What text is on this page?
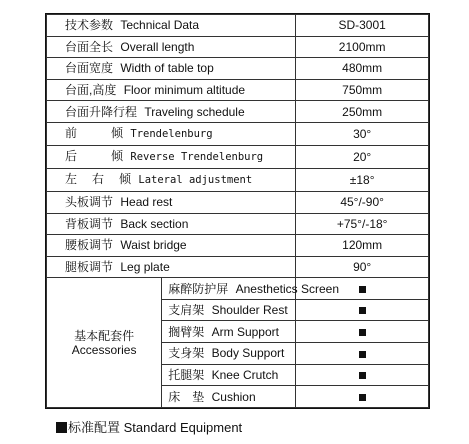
技术参数 Technical Data		SD-3001
台面全长 Overall length		2100mm
台面宽度 Width of table top		480mm
台面,高度 Floor minimum altitude		750mm
台面升降行程 Traveling schedule		250mm
前 倾 Trendelenburg		30°
后 倾 Reverse Trendelenburg		20°
左 右 倾 Lateral adjustment		±18°
头板调节 Head rest		45°/-90°
背板调节 Back section		+75°/-18°
腰板调节 Waist bridge		120mm
腿板调节 Leg plate		90°

基本配套件
Accessories	麻醉防护屏 Anesthetics Screen	
	支肩架 Shoulder Rest	
	搁臂架 Arm Support	
	支身架 Body Support	
	托腿架 Knee Crutch	
	床 垫 Cushion	
标准配置 Standard Equipment
